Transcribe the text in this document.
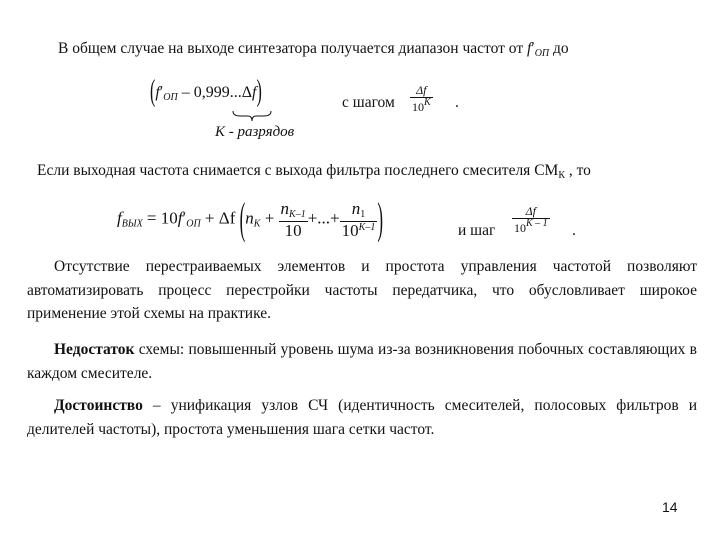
В общем случае на выходе синтезатора получается диапазон частот от $f'_{ОП}$ до
$(f'_{ОП} - 0,999...\Delta f)$	с шагом $\frac{\Delta f}{10^K}$ .
К - разрядов
Если выходная частота снимается с выхода фильтра последнего смесителя $СМ_К$ , то
$f_{ВЫХ} = 10f'_{ОП} + \Delta f$ ($n_K + \frac{n_{K-1}}{10}$ +...+ $\frac{n_1}{10^{K-1}}$ )	и шаг $\frac{\Delta f}{10^{K - 1}}$ .
Отсутствие перестраиваемых элементов и простота управления частотой позволяют автоматизировать процесс перестройки частоты передатчика, что обусловливает широкое применение этой схемы на практике.
Недостаток схемы: повышенный уровень шума из-за возникновения побочных составляющих в каждом смесителе.
Достоинство – унификация узлов СЧ (идентичность смесителей, полосовых фильтров и делителей частоты), простота уменьшения шага сетки частот.
14
